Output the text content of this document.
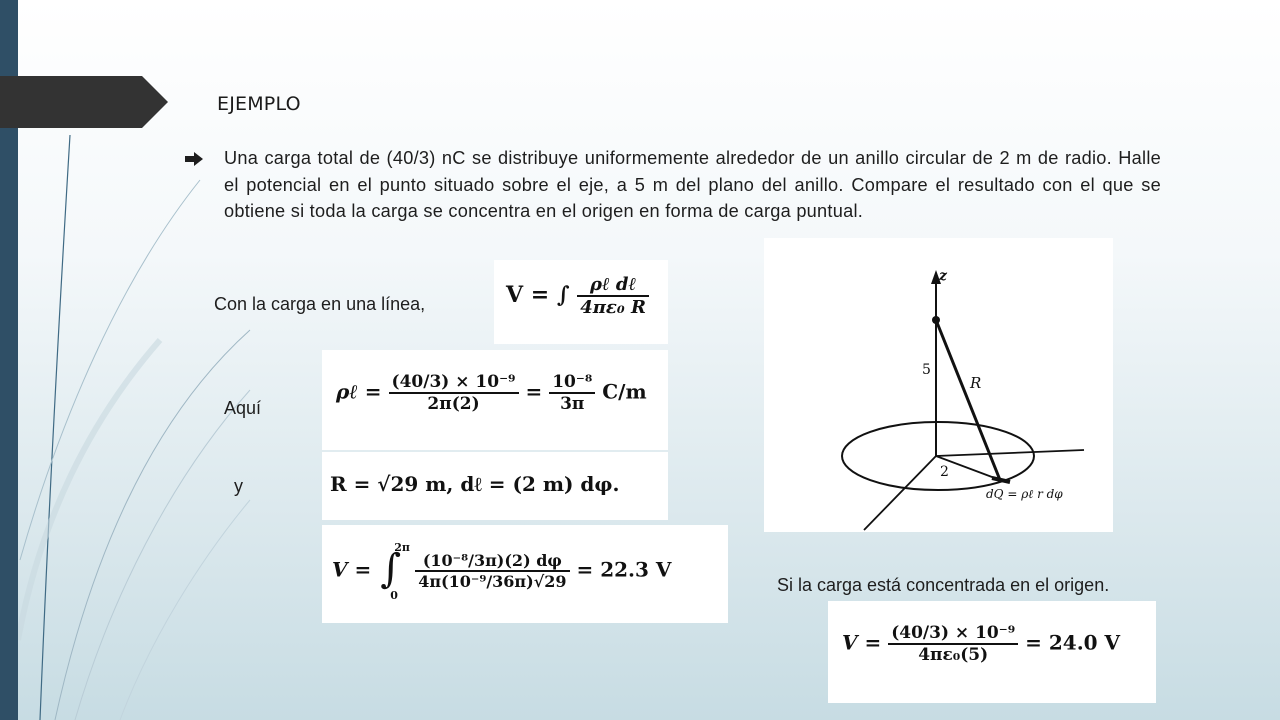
EJEMPLO
Una carga total de (40/3) nC se distribuye uniformemente alrededor de un anillo circular de 2 m de radio. Halle el potencial en el punto situado sobre el eje, a 5 m del plano del anillo. Compare el resultado con el que se obtiene si toda la carga se concentra en el origen en forma de carga puntual.
Con la carga en una línea,
Aquí
y
Si la carga está concentrada en el origen.
V = ∫ $\frac{\text{ρℓ dℓ}}{\text{4πε₀ R}}$
ρℓ = $\frac{\text{(40/3) × 10⁻⁹}}{2\pi(2)} = \frac{\text{10⁻⁸}}{3\pi} C/m$
R = √29 m, dℓ = (2 m) dφ.
V = ∫
2π
0

$\frac{\text{(10⁻⁸/3π)(2) dφ}}{\text{4π(10⁻⁹/36π)√29}} = 22.3$ V
$V = \frac{\text{(40/3) × 10⁻⁹}}{\text{4πε₀(5)}} = 24.0$ V
z
5
R
2
dQ = ρℓ r dφ
